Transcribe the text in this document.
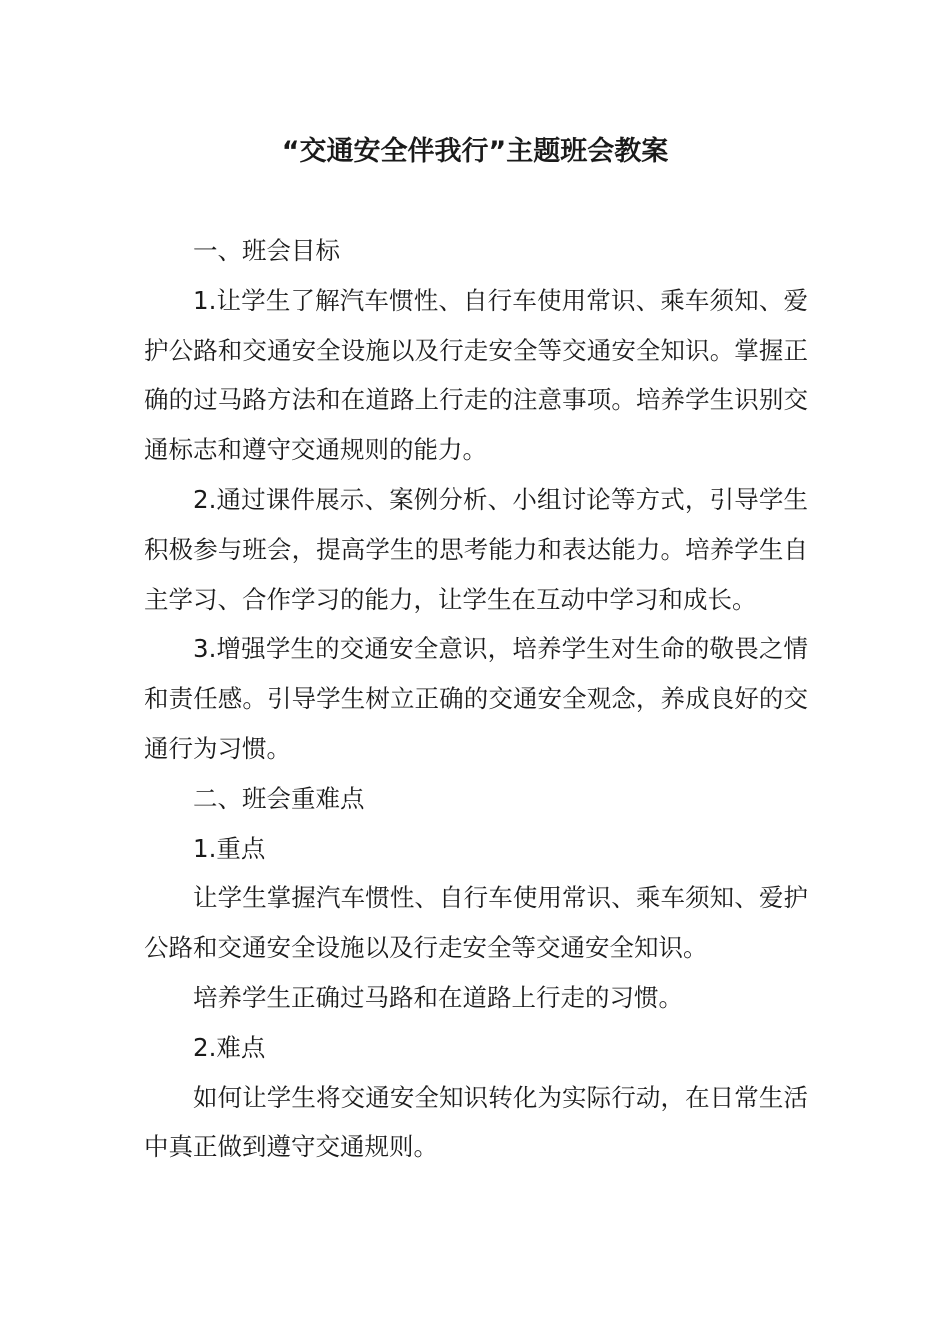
“交通安全伴我行”主题班会教案

一、班会目标

1.让学生了解汽车惯性、自行车使用常识、乘车须知、爱护公路和交通安全设施以及行走安全等交通安全知识。掌握正确的过马路方法和在道路上行走的注意事项。培养学生识别交通标志和遵守交通规则的能力。

2.通过课件展示、案例分析、小组讨论等方式，引导学生积极参与班会，提高学生的思考能力和表达能力。培养学生自主学习、合作学习的能力，让学生在互动中学习和成长。

3.增强学生的交通安全意识，培养学生对生命的敬畏之情和责任感。引导学生树立正确的交通安全观念，养成良好的交通行为习惯。

二、班会重难点

1.重点

让学生掌握汽车惯性、自行车使用常识、乘车须知、爱护公路和交通安全设施以及行走安全等交通安全知识。

培养学生正确过马路和在道路上行走的习惯。

2.难点

如何让学生将交通安全知识转化为实际行动，在日常生活中真正做到遵守交通规则。
